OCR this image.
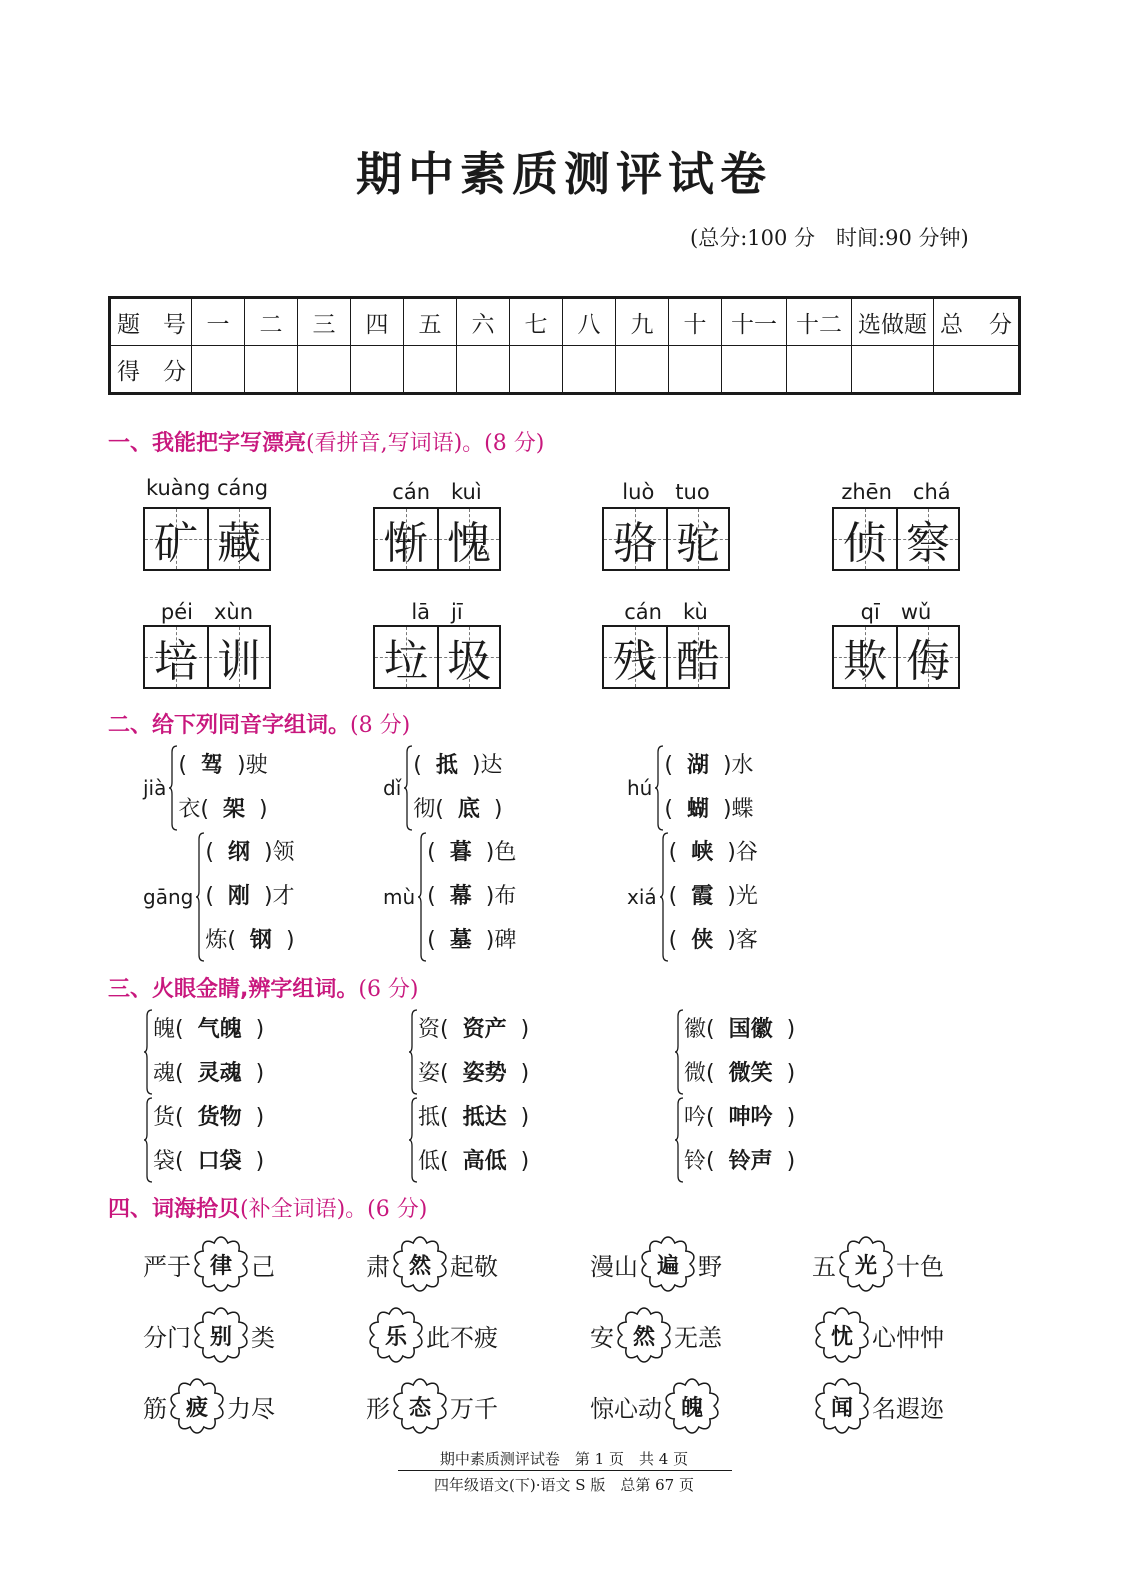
期中素质测评试卷
(总分:100 分　时间:90 分钟)
题　号	一	二	三	四	五	六	七	八	九	十	十一	十二	选做题	总　分
得　分														
一、我能把字写漂亮(看拼音,写词语)。(8 分)
kuàng cáng
矿 藏
cán　kuì
惭 愧
luò　tuo
骆 驼
zhēn　chá
侦 察
péi　xùn
培 训
lā　jī
垃 圾
cán　kù
残 酷
qī　wǔ
欺 侮
二、给下列同音字组词。(8 分)
jià
( 驾 )驶
衣( 架 )
dǐ
( 抵 )达
彻( 底 )
hú
( 湖 )水
( 蝴 )蝶
gāng
( 纲 )领
( 刚 )才
炼( 钢 )
mù
( 暮 )色
( 幕 )布
( 墓 )碑
xiá
( 峡 )谷
( 霞 )光
( 侠 )客
三、火眼金睛,辨字组词。(6 分)
魄( 气魄 )
魂( 灵魂 )
资( 资产 )
姿( 姿势 )
徽( 国徽 )
微( 微笑 )
货( 货物 )
袋( 口袋 )
抵( 抵达 )
低( 高低 )
吟( 呻吟 )
铃( 铃声 )
四、词海拾贝(补全词语)。(6 分)
严于 律 己	肃 然 起敬	漫山 遍 野	五 光 十色
分门 别 类	乐 此不疲	安 然 无恙	忧 心忡忡
筋 疲 力尽	形 态 万千	惊心动 魄	闻 名遐迩
期中素质测评试卷　第 1 页　共 4 页
四年级语文(下)·语文 S 版　总第 67 页
